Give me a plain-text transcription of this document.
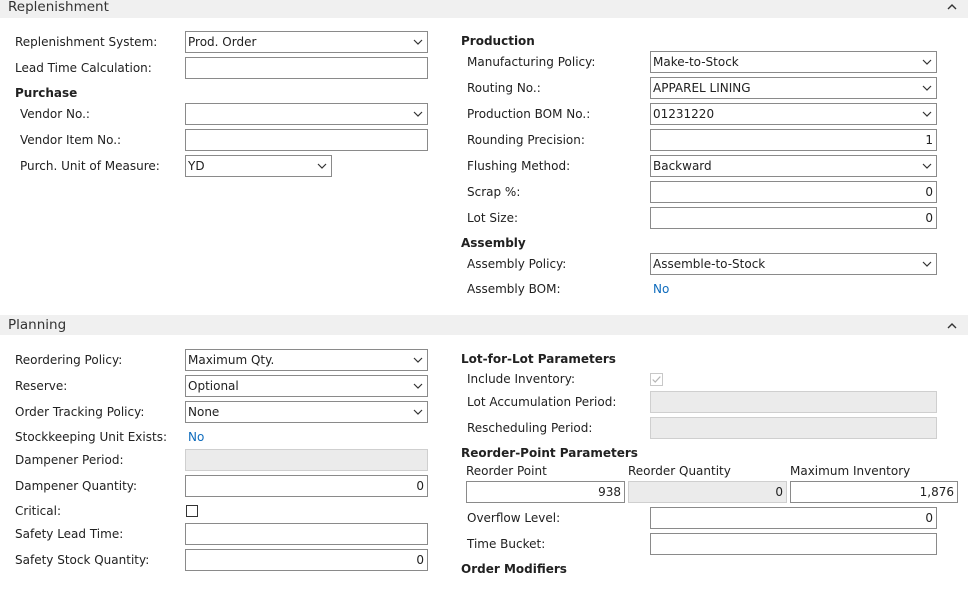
Replenishment
Replenishment System:	Prod. Order
Lead Time Calculation:
Purchase
Vendor No.:
Vendor Item No.:
Purch. Unit of Measure: YD
Production
Manufacturing Policy:	Make-to-Stock
Routing No.:	APPAREL LINING
Production BOM No.:	01231220
Rounding Precision:	1
Flushing Method:	Backward
Scrap %:	0
Lot Size:	0
Assembly
Assembly Policy:	Assemble-to-Stock
Assembly BOM:	No
Planning
Reordering Policy:	Maximum Qty.
Reserve:	Optional
Order Tracking Policy:	None
Stockkeeping Unit Exists: No
Dampener Period:
Dampener Quantity:	0
Critical:
Safety Lead Time:
Safety Stock Quantity:	0
Lot-for-Lot Parameters
Include Inventory:
Lot Accumulation Period:
Rescheduling Period:
Reorder-Point Parameters
Reorder Point	Reorder Quantity	Maximum Inventory
938	0	1,876
Overflow Level:	0
Time Bucket:
Order Modifiers
